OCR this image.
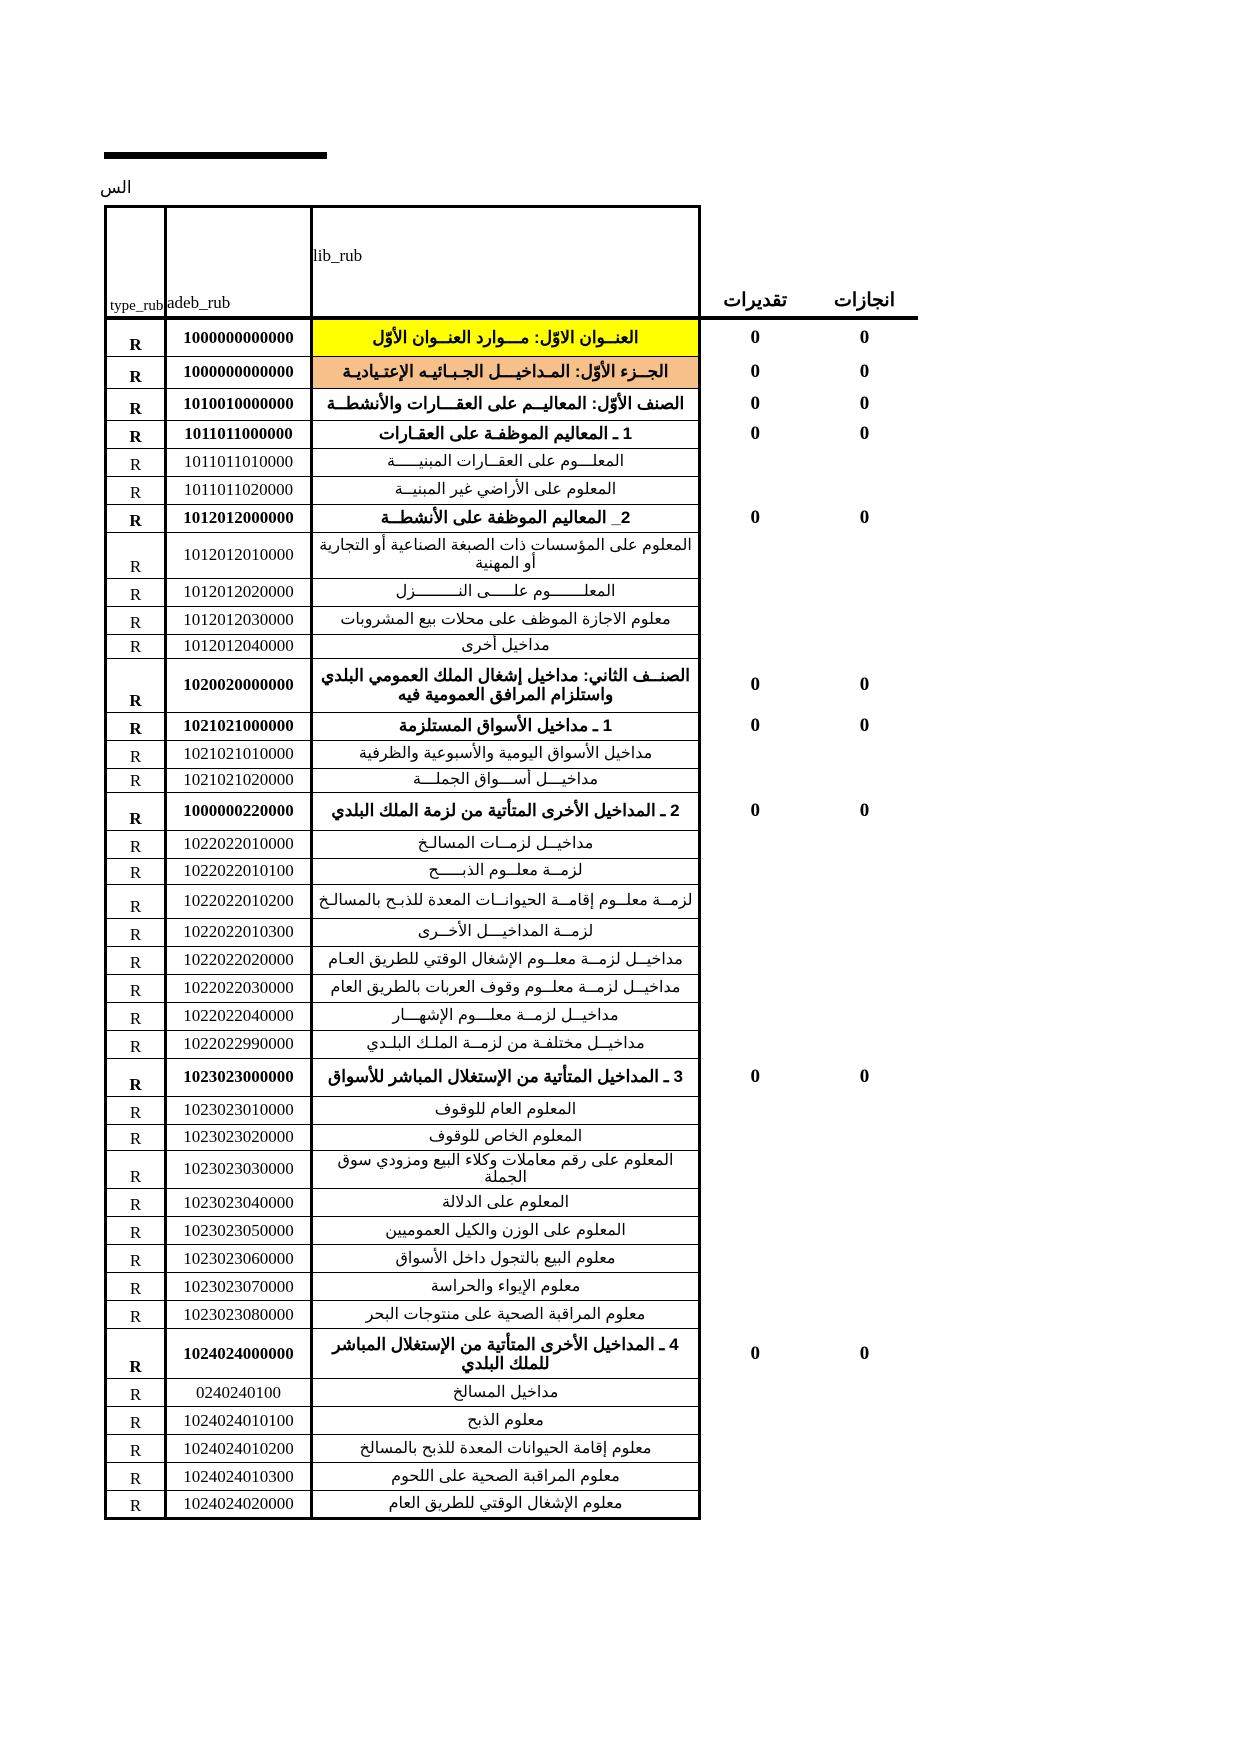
الس
انجازات	تقديرات	lib_rub	adeb_rub	type_rub
0	0	العنــوان الاوّل: مـــوارد العنــوان الأوّل	1000000000000	R
0	0	الجــزء الأوّل: المـداخيـــل الجـبـائيـه الإعتـياديـة	1000000000000	R
0	0	الصنف الأوّل: المعاليــم على العقـــارات والأنشطــة	1010010000000	R
0	0	1 ـ المعاليم الموظفـة على العقـارات	1011011000000	R
		المعلـــوم على العقــارات المبنيـــــة	1011011010000	R
		المعلوم على الأراضي غير المبنيــة	1011011020000	R
0	0	2_ المعاليم الموظفة على الأنشطــة	1012012000000	R
		المعلوم على المؤسسات ذات الصبغة الصناعية أو التجارية أو المهنية	1012012010000	R
		المعلـــــــوم علـــــى النـــــــــزل	1012012020000	R
		معلوم الاجازة الموظف على محلات بيع المشروبات	1012012030000	R
		مداخيل أخرى	1012012040000	R
0	0	الصنــف الثاني: مداخيل إشغال الملك العمومي البلدي واستلزام المرافق العمومية فيه	1020020000000	R
0	0	1 ـ مداخيل الأسواق المستلزمة	1021021000000	R
		مداخيل الأسواق اليومية والأسبوعية والظرفية	1021021010000	R
		مداخيـــل أســـواق الجملـــة	1021021020000	R
0	0	2 ـ المداخيل الأخرى المتأتية من لزمة الملك البلدي	1000000220000	R
		مداخيــل لزمــات المسالـخ	1022022010000	R
		لزمــة معلــوم الذبـــــح	1022022010100	R
		لزمــة معلــوم إقامــة الحيوانــات المعدة للذبـح بالمسالـخ	1022022010200	R
		لزمــة المداخيـــل الأخــرى	1022022010300	R
		مداخيــل لزمــة معلــوم الإشغال الوقتي للطريق العـام	1022022020000	R
		مداخيــل لزمــة معلــوم وقوف العربات بالطريق العام	1022022030000	R
		مداخيــل لزمــة معلـــوم الإشهـــار	1022022040000	R
		مداخيــل مختلفـة من لزمــة الملـك البلـدي	1022022990000	R
0	0	3 ـ المداخيل المتأتية من الإستغلال المباشر للأسواق	1023023000000	R
		المعلوم العام للوقوف	1023023010000	R
		المعلوم الخاص للوقوف	1023023020000	R
		المعلوم على رقم معاملات وكلاء البيع ومزودي سوق الجملة	1023023030000	R
		المعلوم على الدلالة	1023023040000	R
		المعلوم على الوزن والكيل العموميين	1023023050000	R
		معلوم البيع بالتجول داخل الأسواق	1023023060000	R
		معلوم الإيواء والحراسة	1023023070000	R
		معلوم المراقبة الصحية على منتوجات البحر	1023023080000	R
0	0	4 ـ المداخيل الأخرى المتأتية من الإستغلال المباشر للملك البلدي	1024024000000	R
		مداخيل المسالخ	0240240100	R
		معلوم الذبح	1024024010100	R
		معلوم إقامة الحيوانات المعدة للذبح بالمسالخ	1024024010200	R
		معلوم المراقبة الصحية على اللحوم	1024024010300	R
		معلوم الإشغال الوقتي للطريق العام	1024024020000	R
